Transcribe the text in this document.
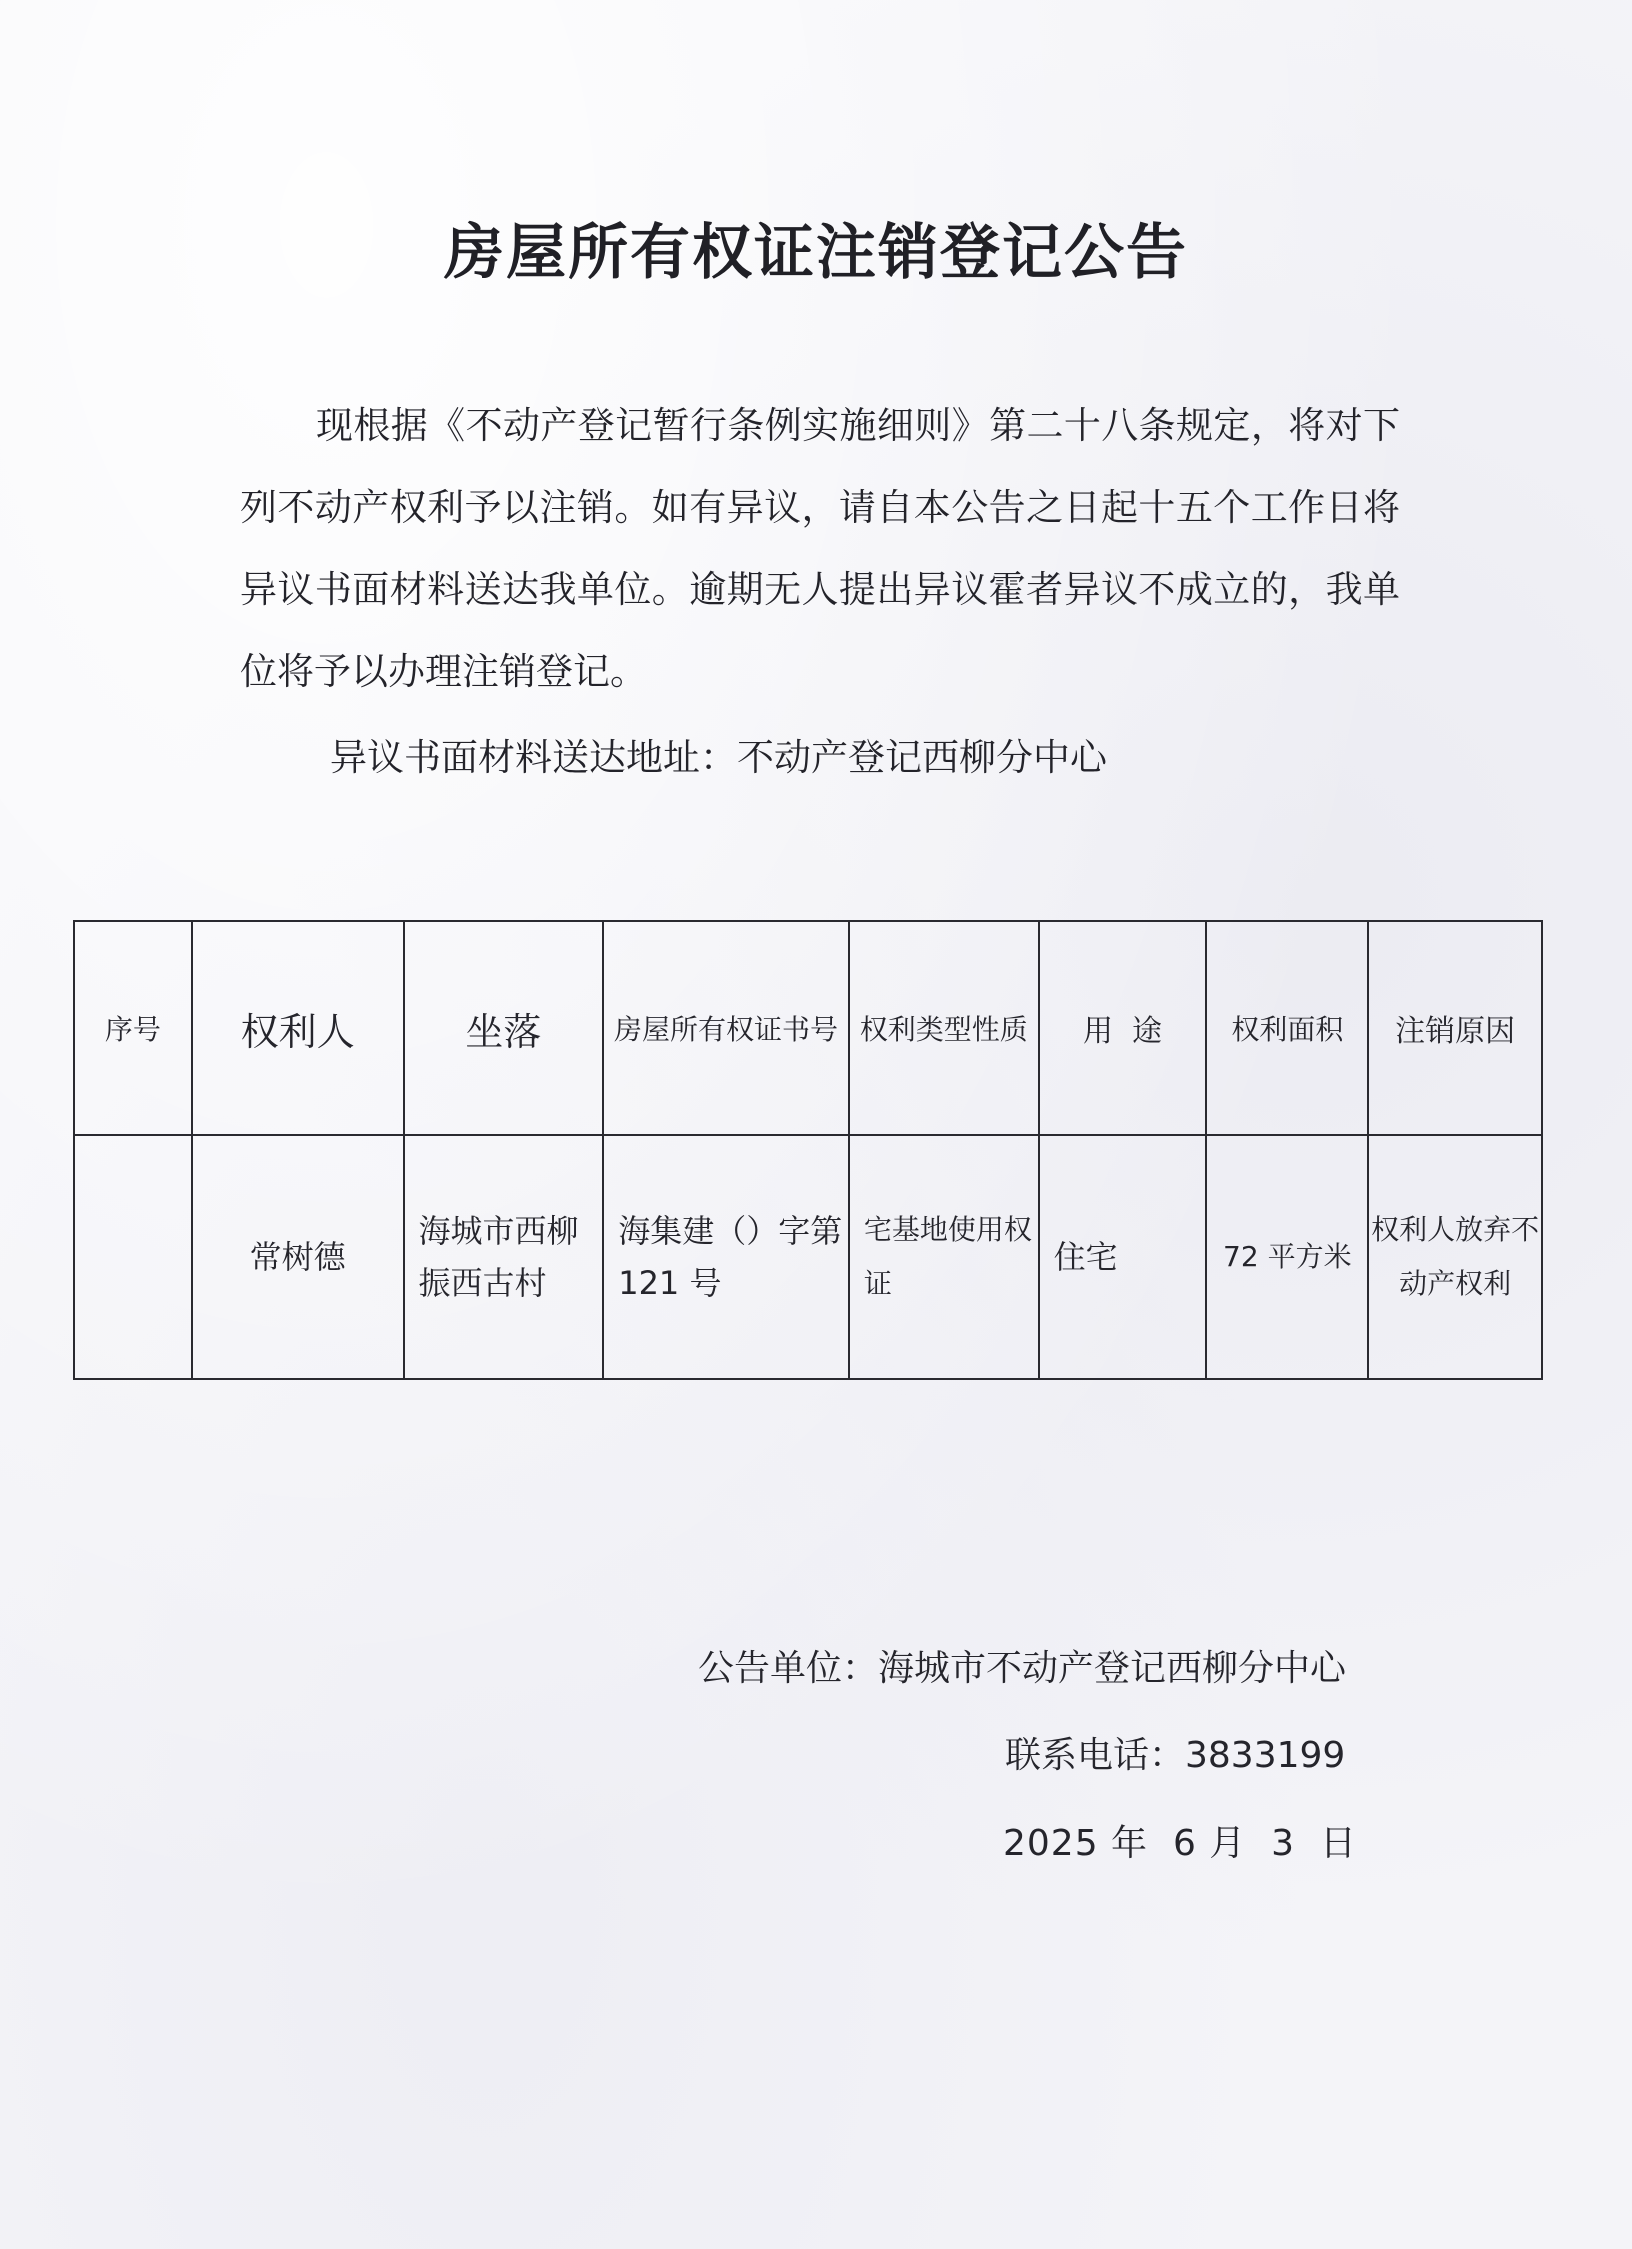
房屋所有权证注销登记公告

现根据《不动产登记暂行条例实施细则》第二十八条规定，将对下列不动产权利予以注销。如有异议，请自本公告之日起十五个工作日将异议书面材料送达我单位。逾期无人提出异议霍者异议不成立的，我单位将予以办理注销登记。

异议书面材料送达地址：不动产登记西柳分中心

序号	权利人	坐落	房屋所有权证书号	权利类型性质	用  途	权利面积	注销原因
	常树德	海城市西柳振西古村	海集建（）字第 121 号	宅基地使用权证	住宅	72 平方米	权利人放弃不动产权利
公告单位：海城市不动产登记西柳分中心
联系电话：3833199
2025 年  6 月  3  日
